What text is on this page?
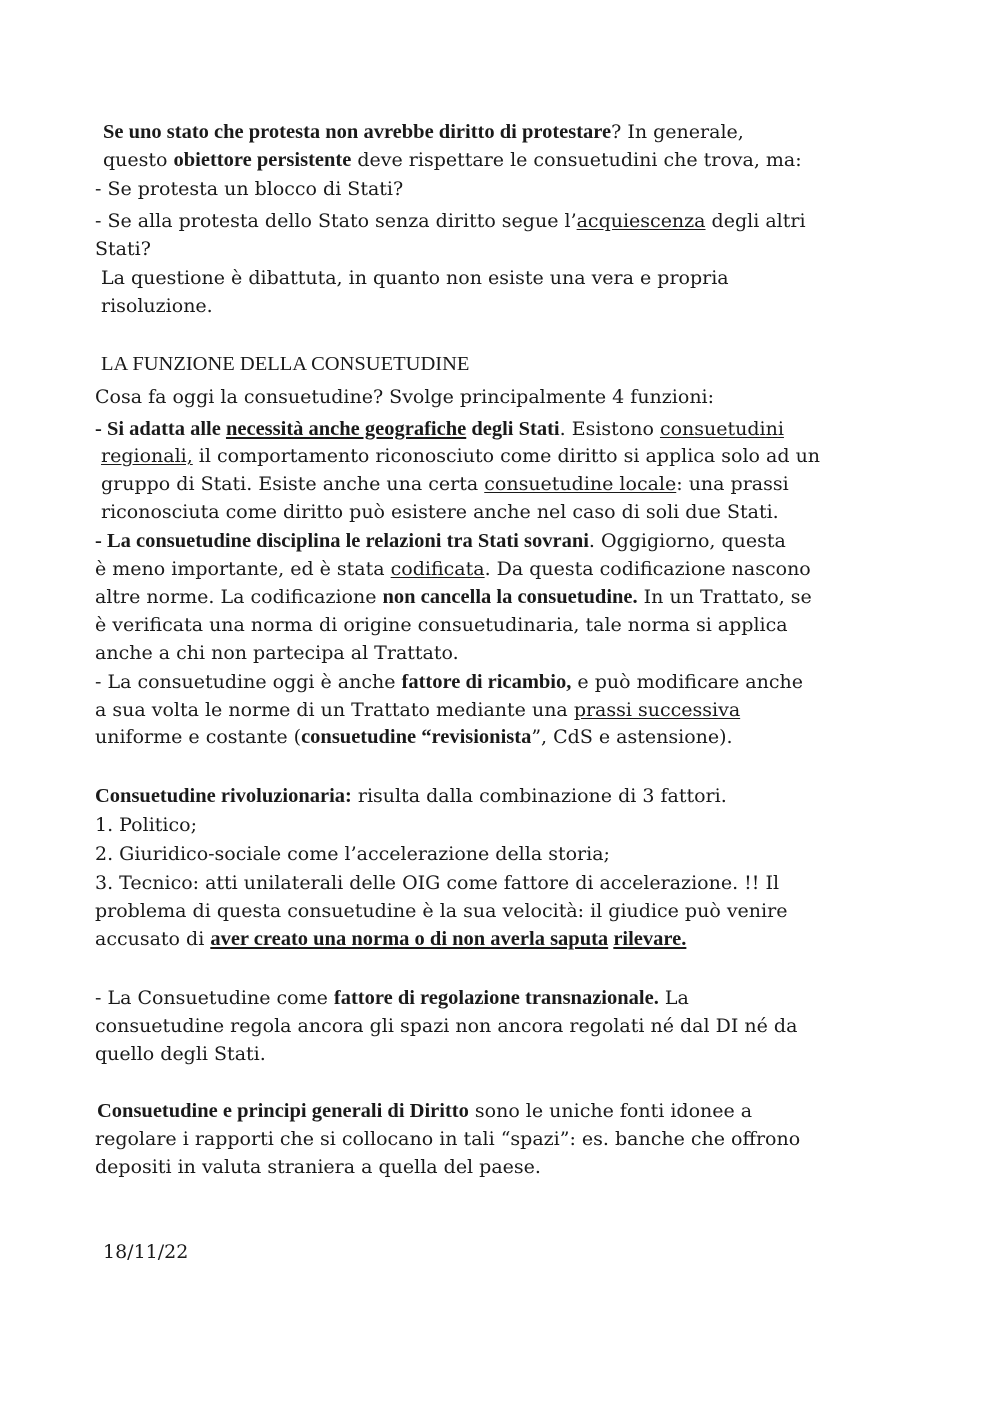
Se uno stato che protesta non avrebbe diritto di protestare? In generale,
questo obiettore persistente deve rispettare le consuetudini che trova, ma:
- Se protesta un blocco di Stati?
- Se alla protesta dello Stato senza diritto segue l’acquiescenza degli altri
Stati?
La questione è dibattuta, in quanto non esiste una vera e propria
risoluzione.
LA FUNZIONE DELLA CONSUETUDINE
Cosa fa oggi la consuetudine? Svolge principalmente 4 funzioni:
- Si adatta alle necessità anche geografiche degli Stati. Esistono consuetudini
regionali, il comportamento riconosciuto come diritto si applica solo ad un
gruppo di Stati. Esiste anche una certa consuetudine locale: una prassi
riconosciuta come diritto può esistere anche nel caso di soli due Stati.
- La consuetudine disciplina le relazioni tra Stati sovrani. Oggigiorno, questa
è meno importante, ed è stata codificata. Da questa codificazione nascono
altre norme. La codificazione non cancella la consuetudine. In un Trattato, se
è verificata una norma di origine consuetudinaria, tale norma si applica
anche a chi non partecipa al Trattato.
- La consuetudine oggi è anche fattore di ricambio, e può modificare anche
a sua volta le norme di un Trattato mediante una prassi successiva
uniforme e costante (consuetudine “revisionista”, CdS e astensione).
Consuetudine rivoluzionaria: risulta dalla combinazione di 3 fattori.
1. Politico;
2. Giuridico-sociale come l’accelerazione della storia;
3. Tecnico: atti unilaterali delle OIG come fattore di accelerazione. !! Il
problema di questa consuetudine è la sua velocità: il giudice può venire
accusato di aver creato una norma o di non averla saputa rilevare.
- La Consuetudine come fattore di regolazione transnazionale. La
consuetudine regola ancora gli spazi non ancora regolati né dal DI né da
quello degli Stati.
Consuetudine e principi generali di Diritto sono le uniche fonti idonee a
regolare i rapporti che si collocano in tali “spazi”: es. banche che offrono
depositi in valuta straniera a quella del paese.
18/11/22
